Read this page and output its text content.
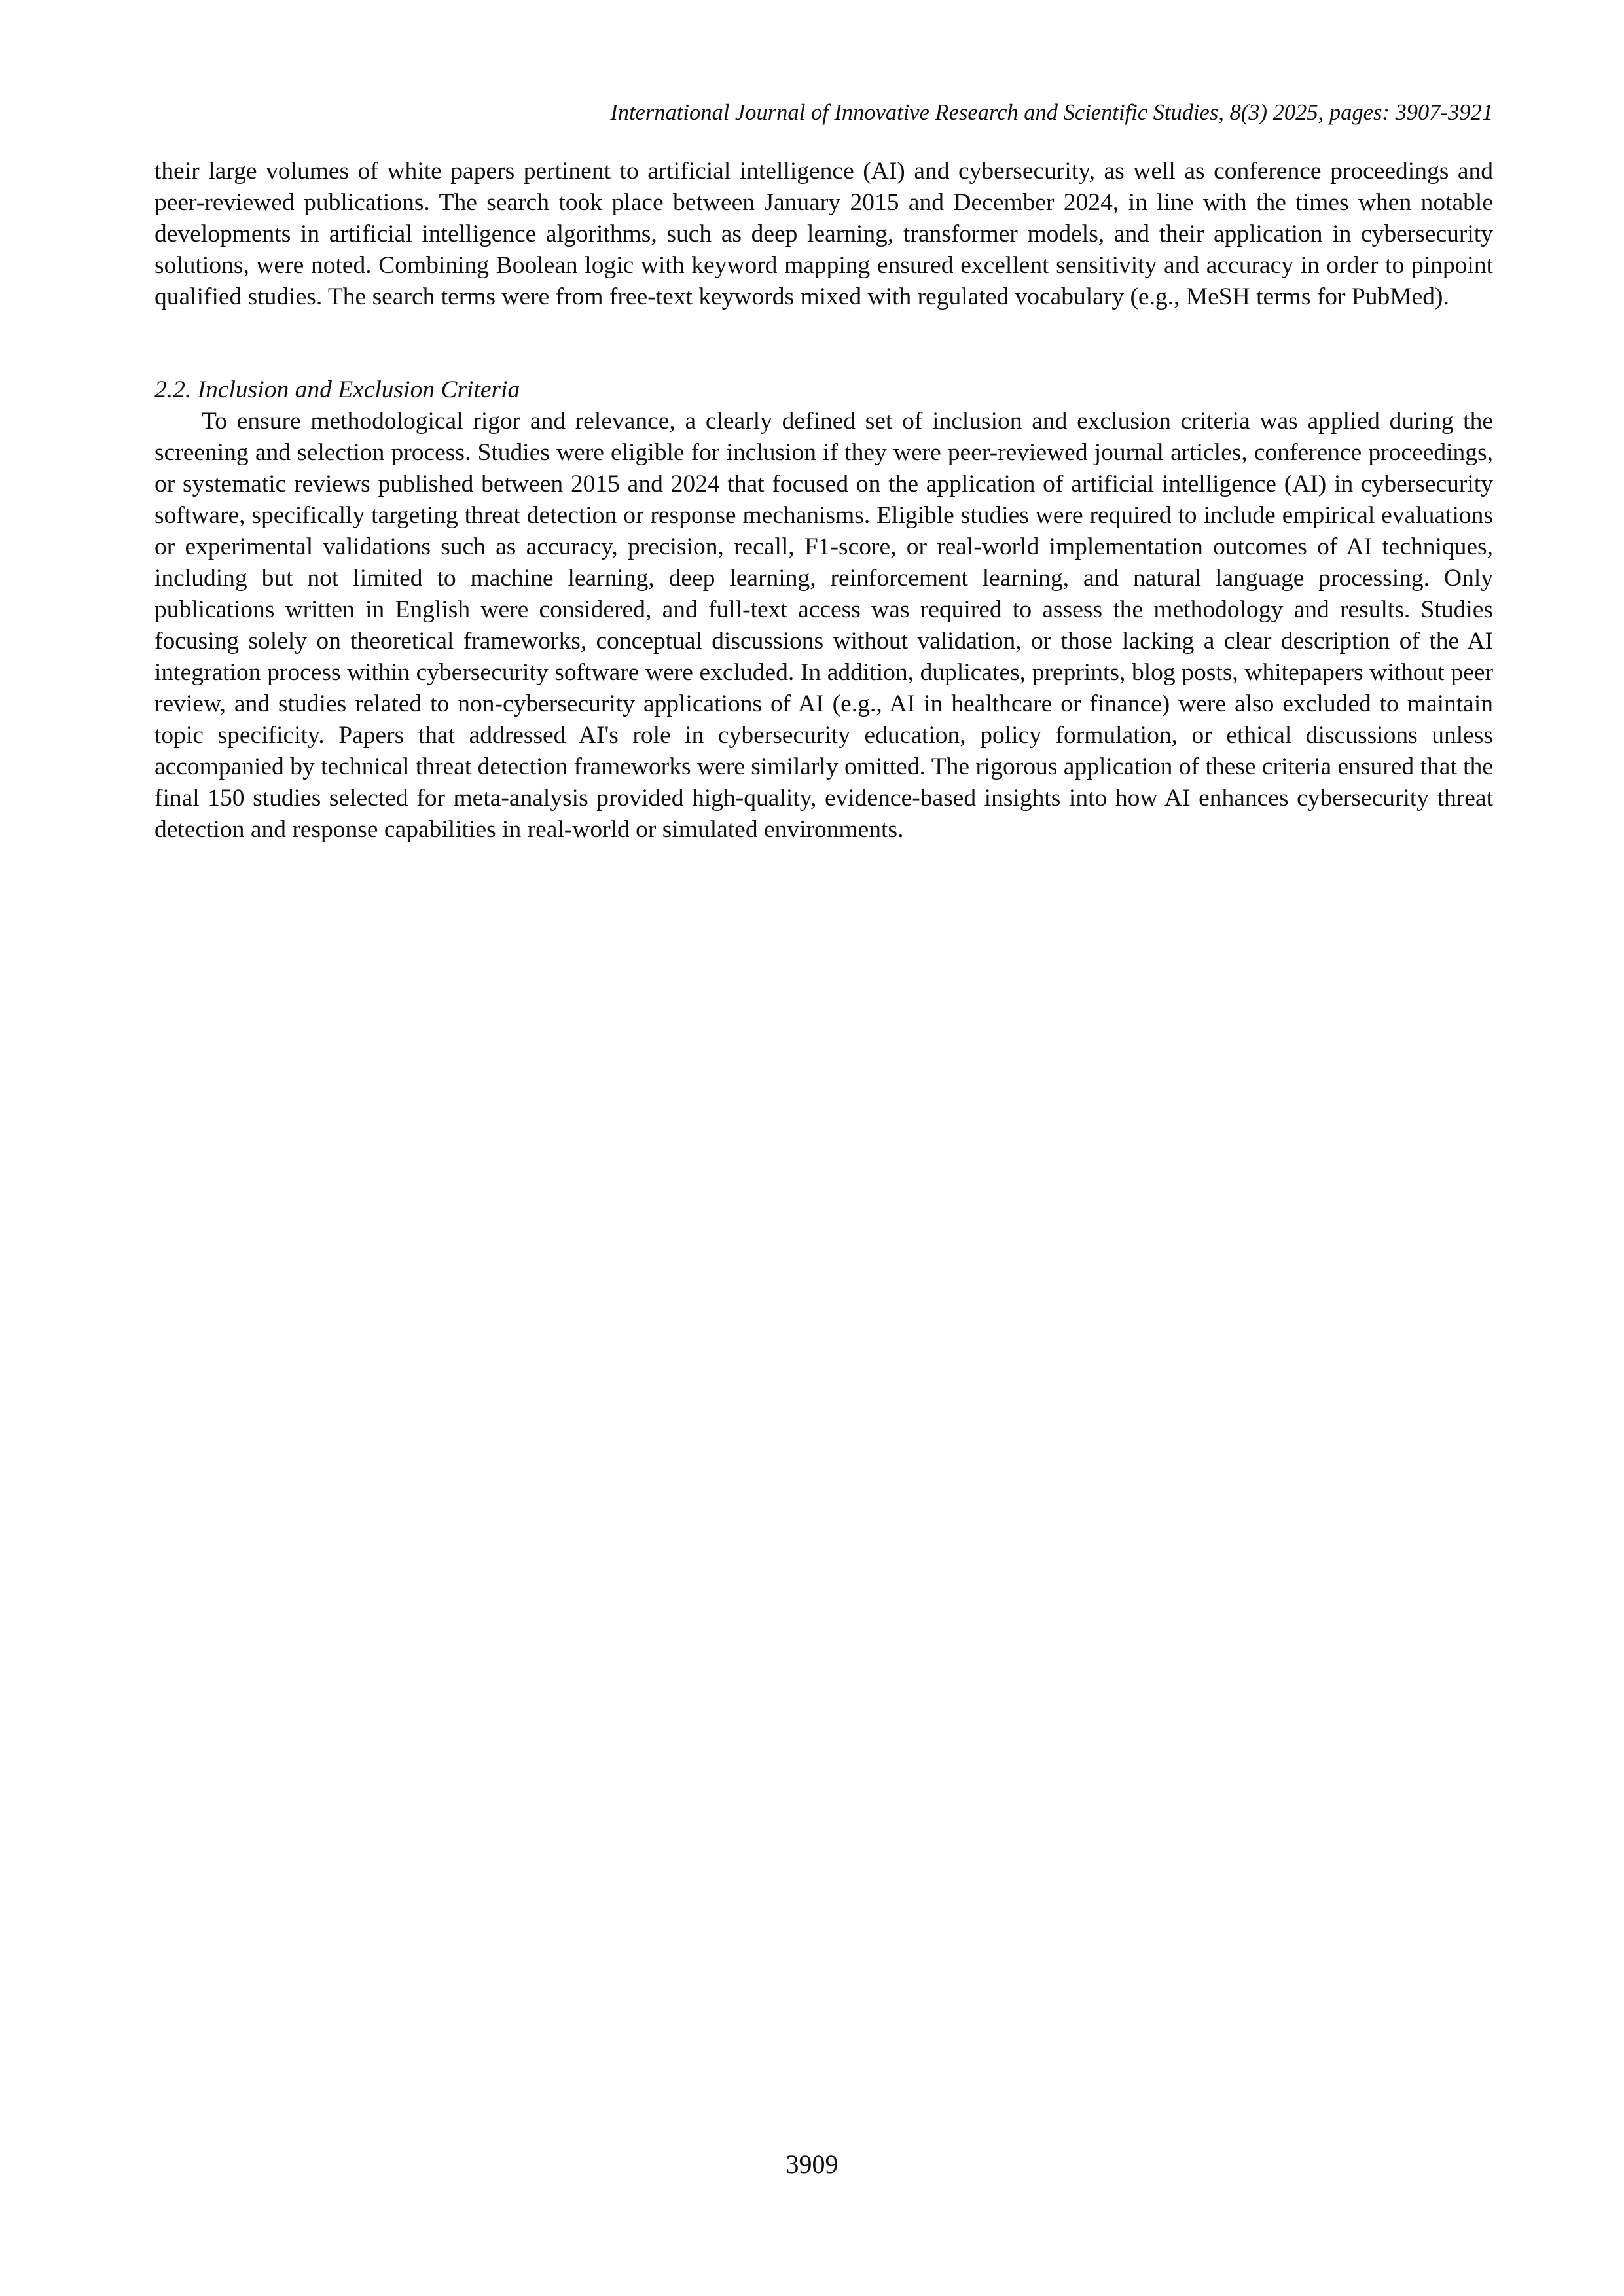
International Journal of Innovative Research and Scientific Studies, 8(3) 2025, pages: 3907-3921

their large volumes of white papers pertinent to artificial intelligence (AI) and cybersecurity, as well as conference proceedings and peer-reviewed publications. The search took place between January 2015 and December 2024, in line with the times when notable developments in artificial intelligence algorithms, such as deep learning, transformer models, and their application in cybersecurity solutions, were noted. Combining Boolean logic with keyword mapping ensured excellent sensitivity and accuracy in order to pinpoint qualified studies. The search terms were from free-text keywords mixed with regulated vocabulary (e.g., MeSH terms for PubMed).

2.2. Inclusion and Exclusion Criteria

To ensure methodological rigor and relevance, a clearly defined set of inclusion and exclusion criteria was applied during the screening and selection process. Studies were eligible for inclusion if they were peer-reviewed journal articles, conference proceedings, or systematic reviews published between 2015 and 2024 that focused on the application of artificial intelligence (AI) in cybersecurity software, specifically targeting threat detection or response mechanisms. Eligible studies were required to include empirical evaluations or experimental validations such as accuracy, precision, recall, F1-score, or real-world implementation outcomes of AI techniques, including but not limited to machine learning, deep learning, reinforcement learning, and natural language processing. Only publications written in English were considered, and full-text access was required to assess the methodology and results. Studies focusing solely on theoretical frameworks, conceptual discussions without validation, or those lacking a clear description of the AI integration process within cybersecurity software were excluded. In addition, duplicates, preprints, blog posts, whitepapers without peer review, and studies related to non-cybersecurity applications of AI (e.g., AI in healthcare or finance) were also excluded to maintain topic specificity. Papers that addressed AI's role in cybersecurity education, policy formulation, or ethical discussions unless accompanied by technical threat detection frameworks were similarly omitted. The rigorous application of these criteria ensured that the final 150 studies selected for meta-analysis provided high-quality, evidence-based insights into how AI enhances cybersecurity threat detection and response capabilities in real-world or simulated environments.

3909
